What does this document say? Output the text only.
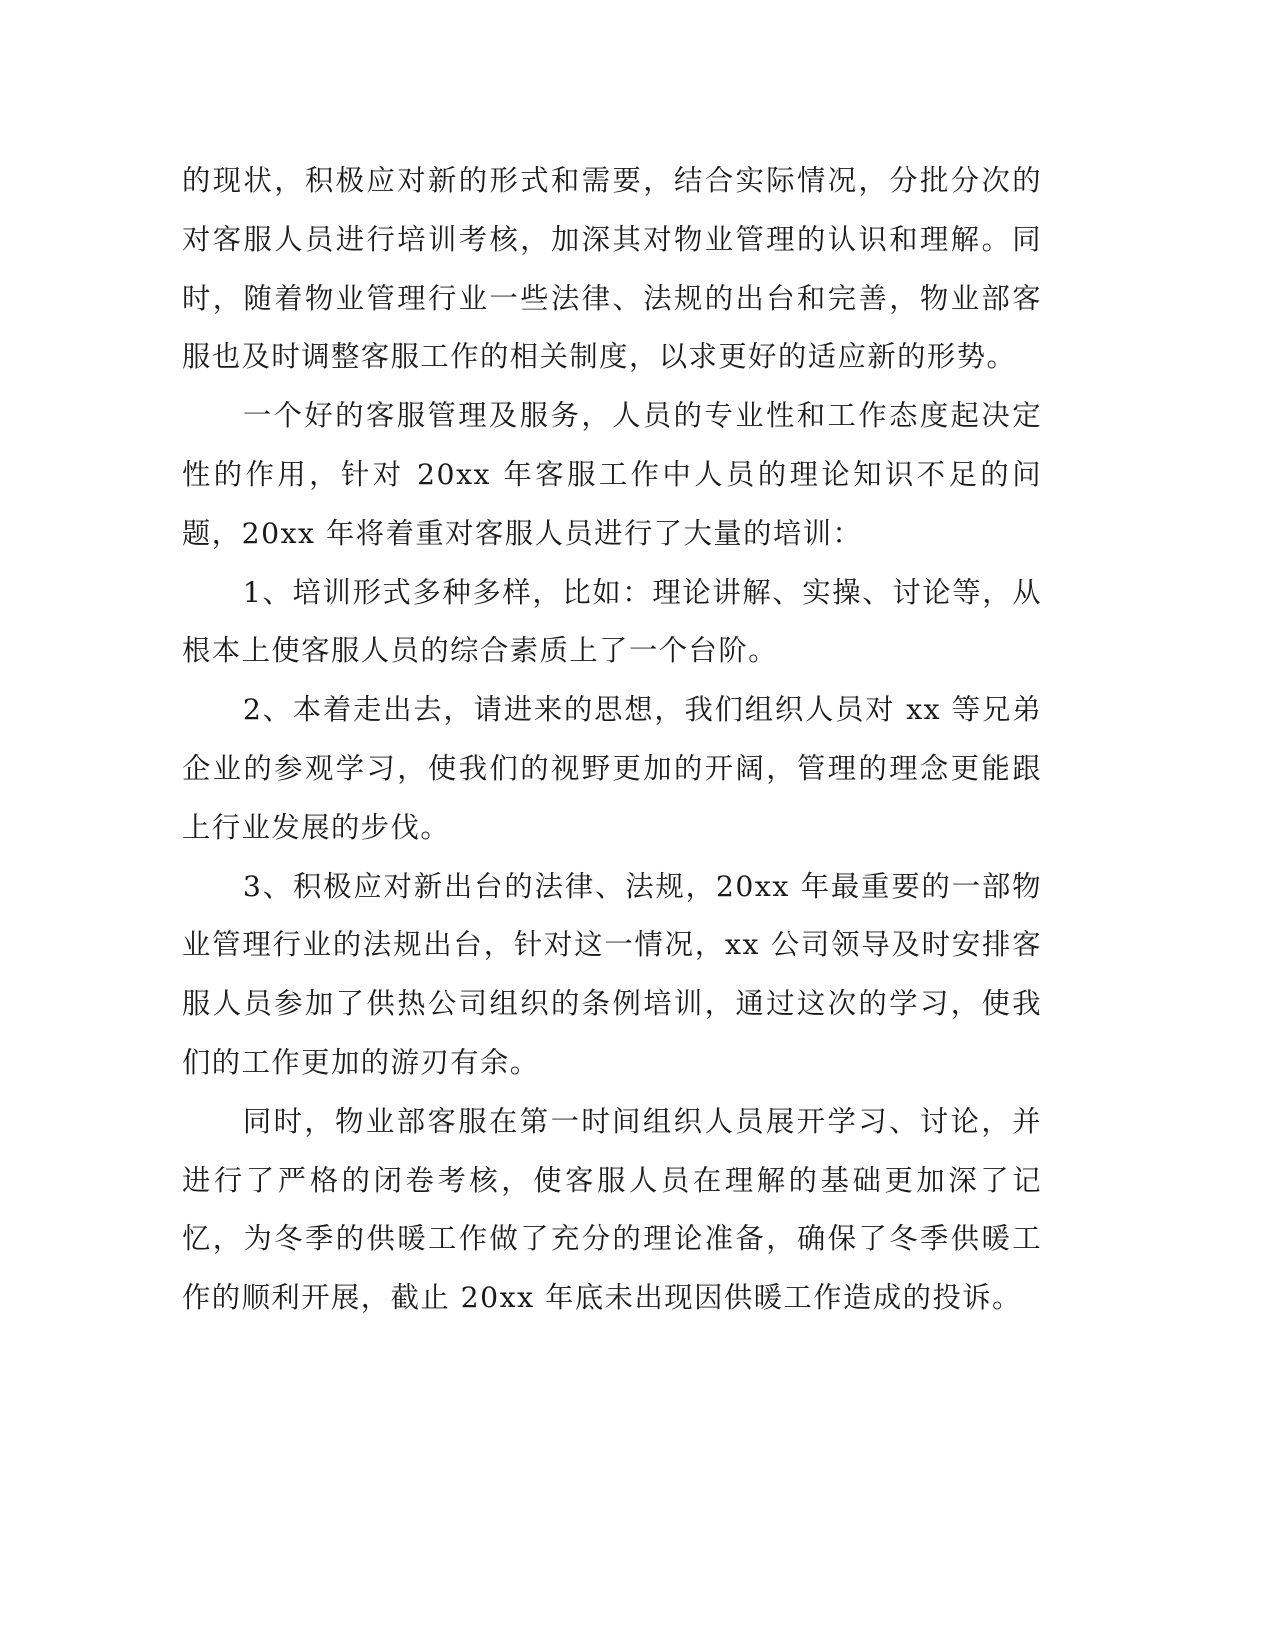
的现状，积极应对新的形式和需要，结合实际情况，分批分次的对客服人员进行培训考核，加深其对物业管理的认识和理解。同时，随着物业管理行业一些法律、法规的出台和完善，物业部客服也及时调整客服工作的相关制度，以求更好的适应新的形势。

一个好的客服管理及服务，人员的专业性和工作态度起决定性的作用，针对 20xx 年客服工作中人员的理论知识不足的问题，20xx 年将着重对客服人员进行了大量的培训：

1、培训形式多种多样，比如：理论讲解、实操、讨论等，从根本上使客服人员的综合素质上了一个台阶。

2、本着走出去，请进来的思想，我们组织人员对 xx 等兄弟企业的参观学习，使我们的视野更加的开阔，管理的理念更能跟上行业发展的步伐。

3、积极应对新出台的法律、法规，20xx 年最重要的一部物业管理行业的法规出台，针对这一情况，xx 公司领导及时安排客服人员参加了供热公司组织的条例培训，通过这次的学习，使我们的工作更加的游刃有余。

同时，物业部客服在第一时间组织人员展开学习、讨论，并进行了严格的闭卷考核，使客服人员在理解的基础更加深了记忆，为冬季的供暖工作做了充分的理论准备，确保了冬季供暖工作的顺利开展，截止 20xx 年底未出现因供暖工作造成的投诉。
